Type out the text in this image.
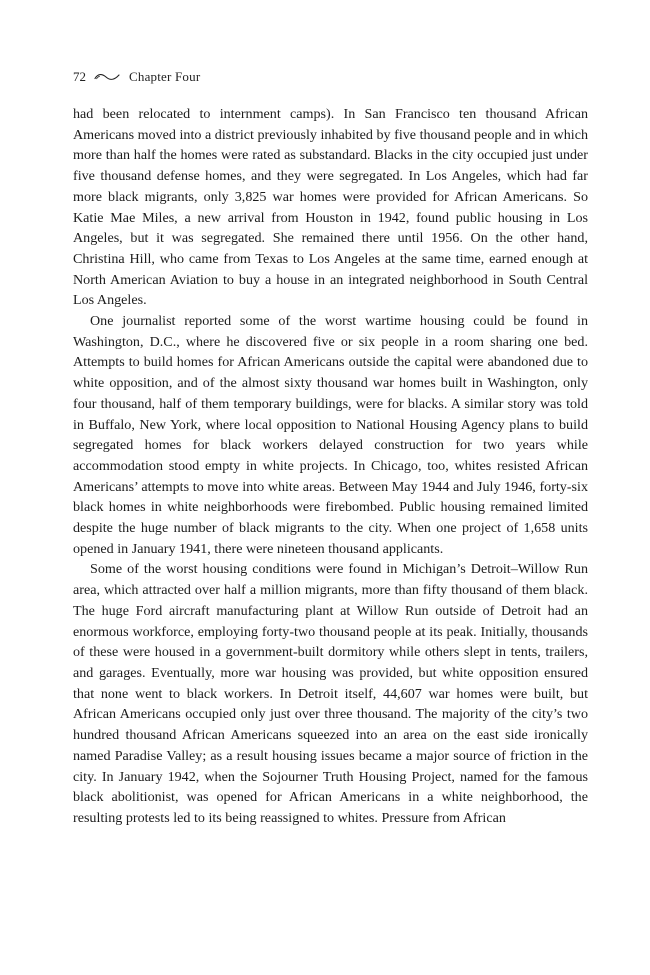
72	Chapter Four

had been relocated to internment camps). In San Francisco ten thousand African Americans moved into a district previously inhabited by five thousand people and in which more than half the homes were rated as substandard. Blacks in the city occupied just under five thousand defense homes, and they were segregated. In Los Angeles, which had far more black migrants, only 3,825 war homes were provided for African Americans. So Katie Mae Miles, a new arrival from Houston in 1942, found public housing in Los Angeles, but it was segregated. She remained there until 1956. On the other hand, Christina Hill, who came from Texas to Los Angeles at the same time, earned enough at North American Aviation to buy a house in an integrated neighborhood in South Central Los Angeles.

One journalist reported some of the worst wartime housing could be found in Washington, D.C., where he discovered five or six people in a room sharing one bed. Attempts to build homes for African Americans outside the capital were abandoned due to white opposition, and of the almost sixty thousand war homes built in Washington, only four thousand, half of them temporary buildings, were for blacks. A similar story was told in Buffalo, New York, where local opposition to National Housing Agency plans to build segregated homes for black workers delayed construction for two years while accommodation stood empty in white projects. In Chicago, too, whites resisted African Americans’ attempts to move into white areas. Between May 1944 and July 1946, forty-six black homes in white neighborhoods were firebombed. Public housing remained limited despite the huge number of black migrants to the city. When one project of 1,658 units opened in January 1941, there were nineteen thousand applicants.

Some of the worst housing conditions were found in Michigan’s Detroit–Willow Run area, which attracted over half a million migrants, more than fifty thousand of them black. The huge Ford aircraft manufacturing plant at Willow Run outside of Detroit had an enormous workforce, employing forty-two thousand people at its peak. Initially, thousands of these were housed in a government-built dormitory while others slept in tents, trailers, and garages. Eventually, more war housing was provided, but white opposition ensured that none went to black workers. In Detroit itself, 44,607 war homes were built, but African Americans occupied only just over three thousand. The majority of the city’s two hundred thousand African Americans squeezed into an area on the east side ironically named Paradise Valley; as a result housing issues became a major source of friction in the city. In January 1942, when the Sojourner Truth Housing Project, named for the famous black abolitionist, was opened for African Americans in a white neighborhood, the resulting protests led to its being reassigned to whites. Pressure from African
